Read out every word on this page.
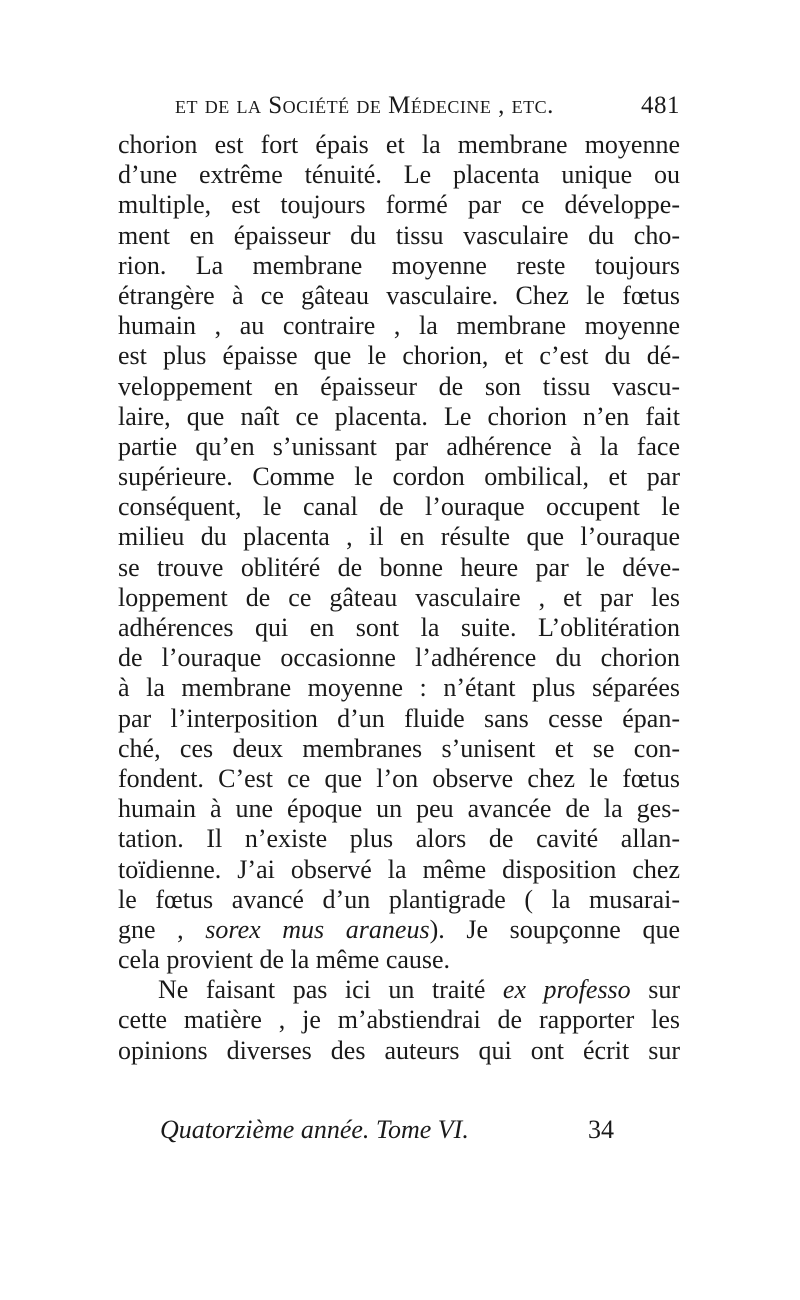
et de la Société de Médecine , etc.	481
chorion est fort épais et la membrane moyenne
d’une extrême ténuité. Le placenta unique ou
multiple, est toujours formé par ce développe-
ment en épaisseur du tissu vasculaire du cho-
rion. La membrane moyenne reste toujours
étrangère à ce gâteau vasculaire. Chez le fœtus
humain , au contraire , la membrane moyenne
est plus épaisse que le chorion, et c’est du dé-
veloppement en épaisseur de son tissu vascu-
laire, que naît ce placenta. Le chorion n’en fait
partie qu’en s’unissant par adhérence à la face
supérieure. Comme le cordon ombilical, et par
conséquent, le canal de l’ouraque occupent le
milieu du placenta , il en résulte que l’ouraque
se trouve oblitéré de bonne heure par le déve-
loppement de ce gâteau vasculaire , et par les
adhérences qui en sont la suite. L’oblitération
de l’ouraque occasionne l’adhérence du chorion
à la membrane moyenne : n’étant plus séparées
par l’interposition d’un fluide sans cesse épan-
ché, ces deux membranes s’unisent et se con-
fondent. C’est ce que l’on observe chez le fœtus
humain à une époque un peu avancée de la ges-
tation. Il n’existe plus alors de cavité allan-
toïdienne. J’ai observé la même disposition chez
le fœtus avancé d’un plantigrade ( la musarai-
gne , sorex mus araneus). Je soupçonne que
cela provient de la même cause.
Ne faisant pas ici un traité ex professo sur
cette matière , je m’abstiendrai de rapporter les
opinions diverses des auteurs qui ont écrit sur
Quatorzième année. Tome VI.	34
